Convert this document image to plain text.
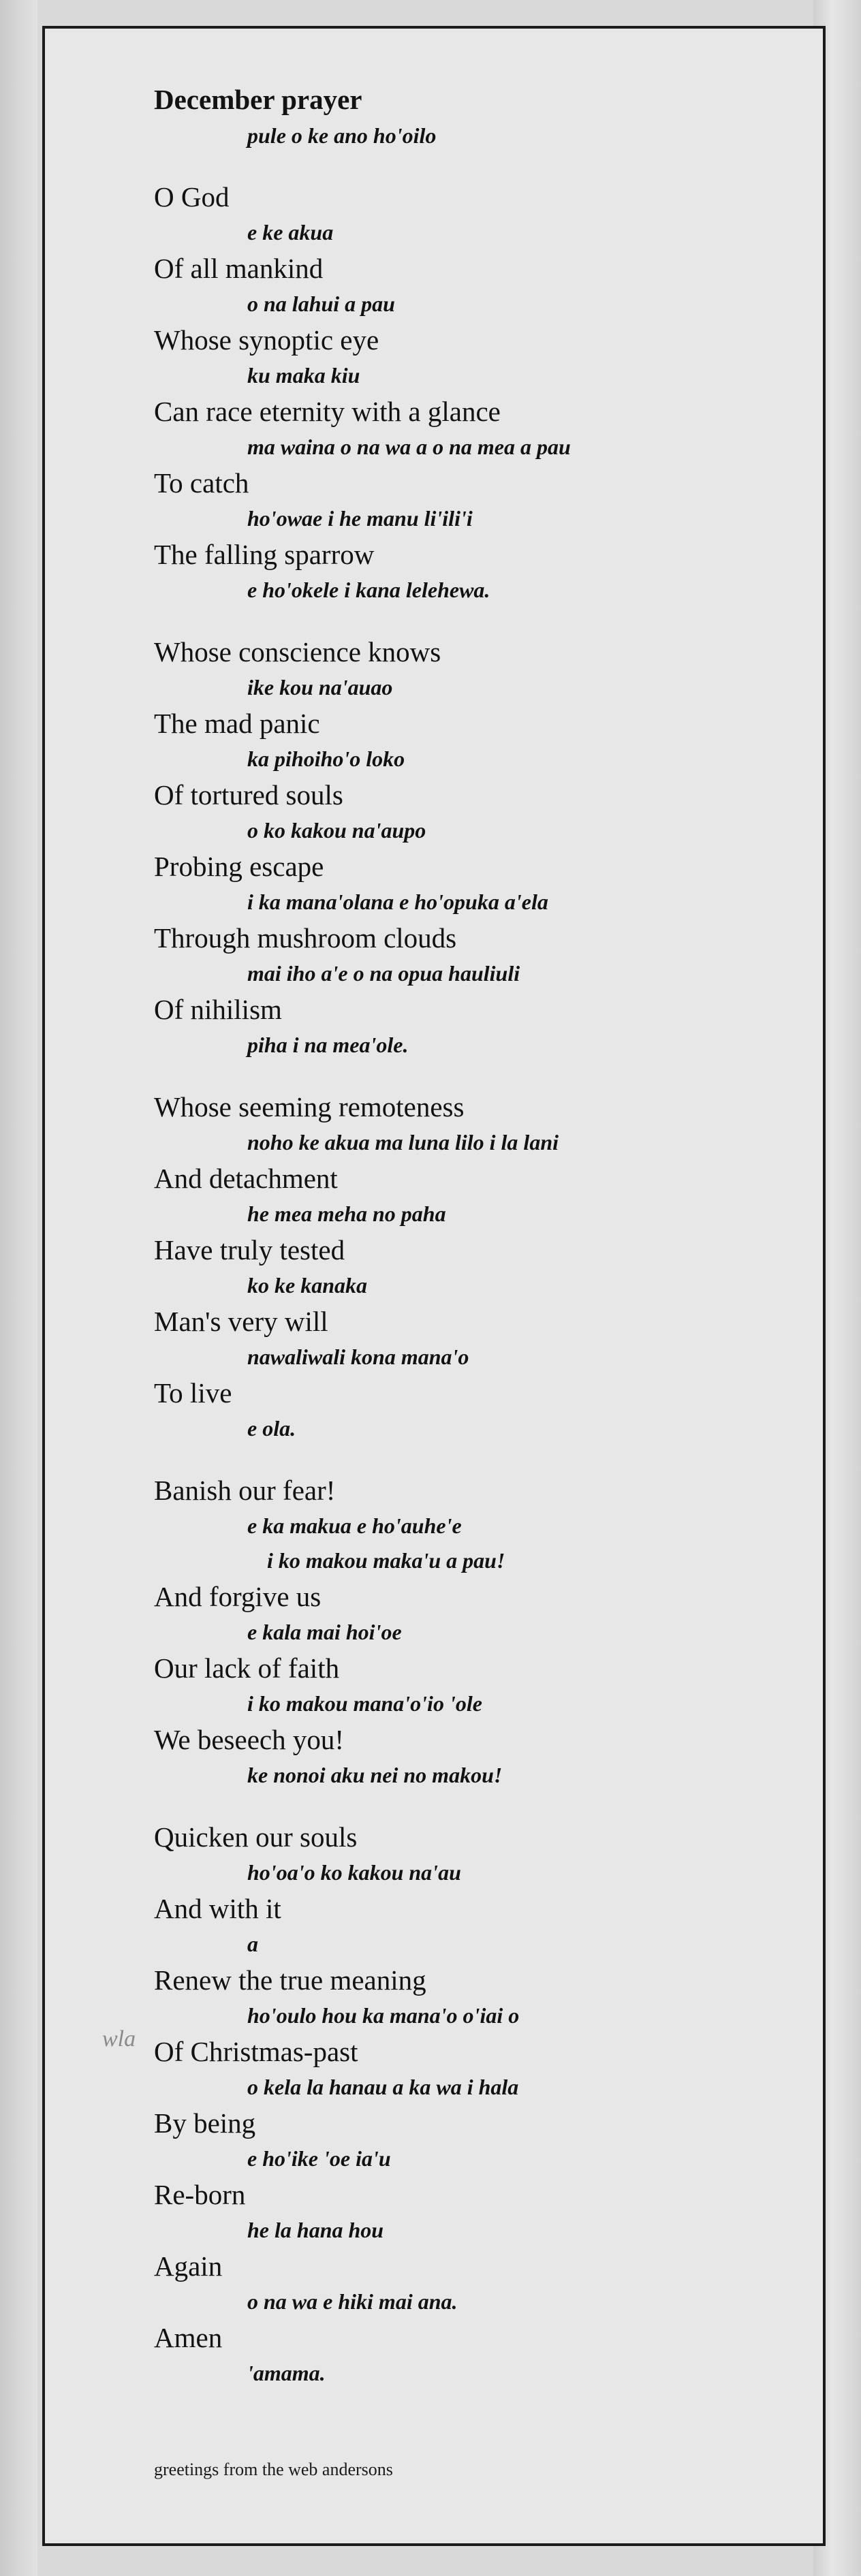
December prayer

pule o ke ano ho'oilo

O God

e ke akua

Of all mankind

o na lahui a pau

Whose synoptic eye

ku maka kiu

Can race eternity with a glance

ma waina o na wa a o na mea a pau

To catch

ho'owae i he manu li'ili'i

The falling sparrow

e ho'okele i kana lelehewa.

Whose conscience knows

ike kou na'auao

The mad panic

ka pihoiho'o loko

Of tortured souls

o ko kakou na'aupo

Probing escape

i ka mana'olana e ho'opuka a'ela

Through mushroom clouds

mai iho a'e o na opua hauliuli

Of nihilism

piha i na mea'ole.

Whose seeming remoteness

noho ke akua ma luna lilo i la lani

And detachment

he mea meha no paha

Have truly tested

ko ke kanaka

Man's very will

nawaliwali kona mana'o

To live

e ola.

Banish our fear!

e ka makua e ho'auhe'e

i ko makou maka'u a pau!

And forgive us

e kala mai hoi'oe

Our lack of faith

i ko makou mana'o'io 'ole

We beseech you!

ke nonoi aku nei no makou!

Quicken our souls

ho'oa'o ko kakou na'au

And with it

a

Renew the true meaning

ho'oulo hou ka mana'o o'iai o

Of Christmas-past

o kela la hanau a ka wa i hala

By being

e ho'ike 'oe ia'u

Re-born

he la hana hou

Again

o na wa e hiki mai ana.

Amen

'amama.

wla

greetings from the web andersons
